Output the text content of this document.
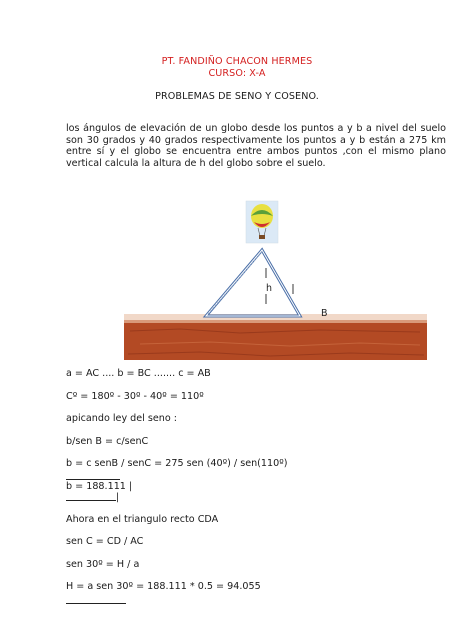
PT. FANDIÑO CHACON HERMES
CURSO: X-A
PROBLEMAS DE SENO Y COSENO.
los ángulos de elevación de un globo desde los puntos a y b a nivel del suelo son 30 grados y 40 grados respectivamente los puntos a y b están a 275 km entre sí y el globo se encuentra entre ambos puntos ,con el mismo plano vertical calcula la altura de h del globo sobre el suelo.
h
B
a = AC .... b = BC ....... c = AB
Cº = 180º - 30º - 40º = 110º
apicando ley del seno :
b/sen B = c/senC
b = c senB / senC = 275 sen (40º) / sen(110º)
b = 188.111 |
|
Ahora en el triangulo recto CDA
sen C = CD / AC
sen 30º = H / a
H = a sen 30º = 188.111 * 0.5 = 94.055
